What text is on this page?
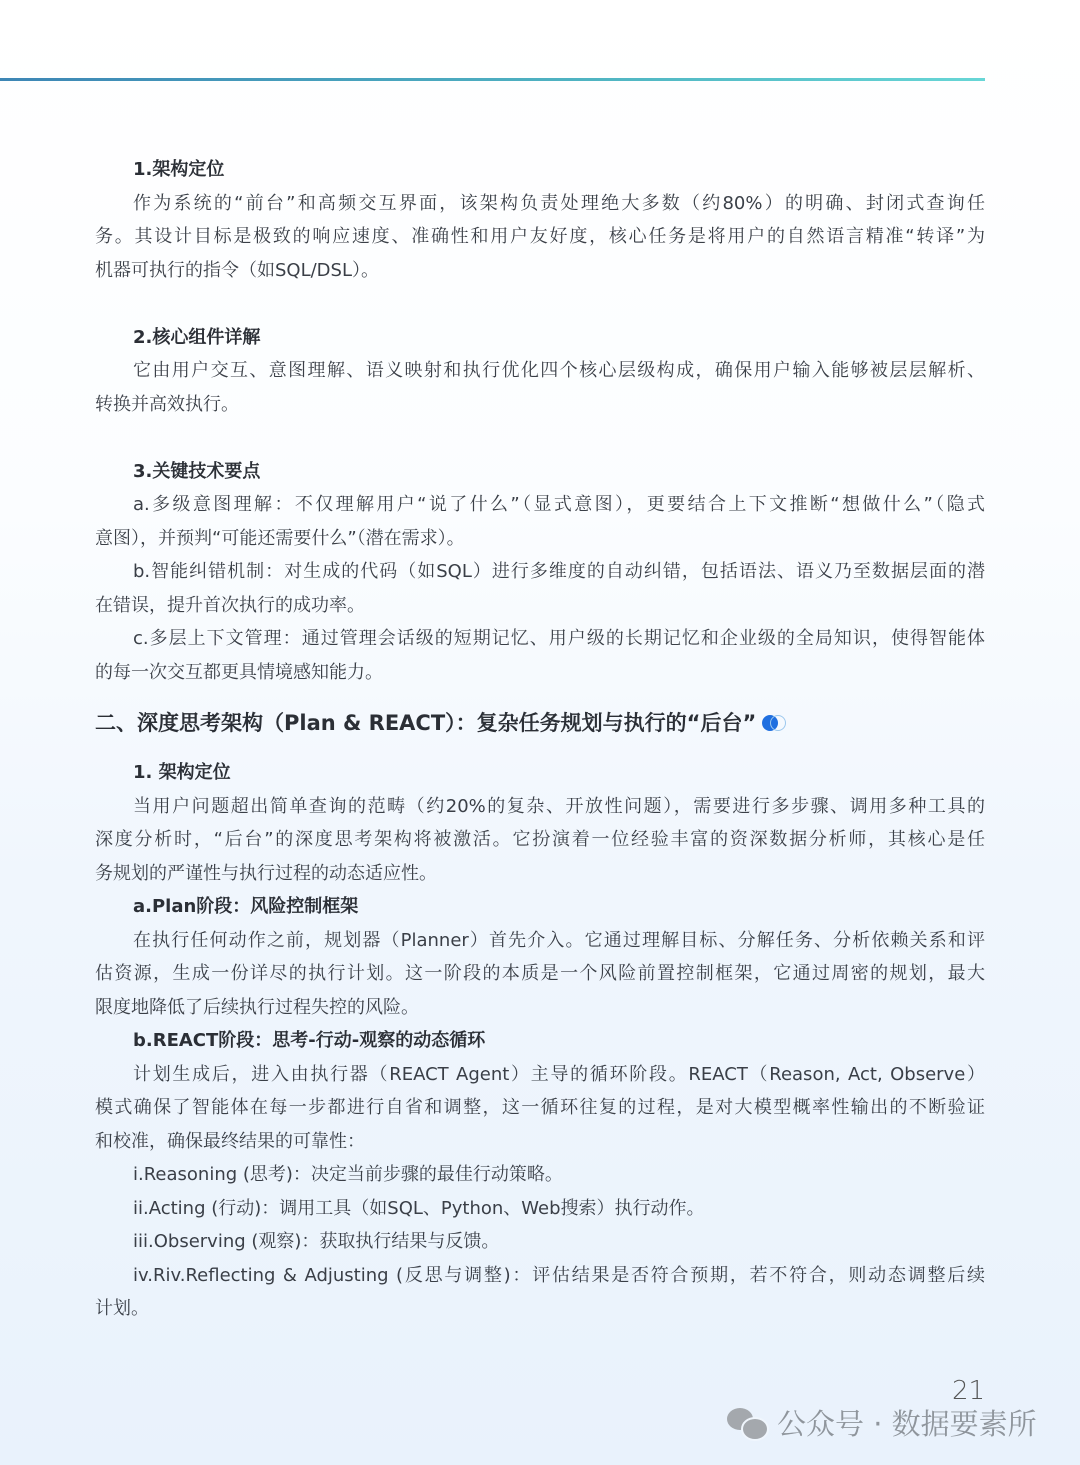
1.架构定位
作为系统的“前台”和高频交互界面，该架构负责处理绝大多数（约80%）的明确、封闭式查询任
务。其设计目标是极致的响应速度、准确性和用户友好度，核心任务是将用户的自然语言精准“转译”为
机器可执行的指令（如SQL/DSL）。
2.核心组件详解
它由用户交互、意图理解、语义映射和执行优化四个核心层级构成，确保用户输入能够被层层解析、
转换并高效执行。
3.关键技术要点
a.多级意图理解：不仅理解用户“说了什么”（显式意图），更要结合上下文推断“想做什么”（隐式
意图），并预判“可能还需要什么”（潜在需求）。
b.智能纠错机制：对生成的代码（如SQL）进行多维度的自动纠错，包括语法、语义乃至数据层面的潜
在错误，提升首次执行的成功率。
c.多层上下文管理：通过管理会话级的短期记忆、用户级的长期记忆和企业级的全局知识，使得智能体
的每一次交互都更具情境感知能力。
二、深度思考架构（Plan & REACT）：复杂任务规划与执行的“后台”
1. 架构定位
当用户问题超出简单查询的范畴（约20%的复杂、开放性问题），需要进行多步骤、调用多种工具的
深度分析时，“后台”的深度思考架构将被激活。它扮演着一位经验丰富的资深数据分析师，其核心是任
务规划的严谨性与执行过程的动态适应性。
a.Plan阶段：风险控制框架
在执行任何动作之前，规划器（Planner）首先介入。它通过理解目标、分解任务、分析依赖关系和评
估资源，生成一份详尽的执行计划。这一阶段的本质是一个风险前置控制框架，它通过周密的规划，最大
限度地降低了后续执行过程失控的风险。
b.REACT阶段：思考-行动-观察的动态循环
计划生成后，进入由执行器（REACT Agent）主导的循环阶段。REACT（Reason, Act, Observe）
模式确保了智能体在每一步都进行自省和调整，这一循环往复的过程，是对大模型概率性输出的不断验证
和校准，确保最终结果的可靠性：
i.Reasoning (思考)：决定当前步骤的最佳行动策略。
ii.Acting (行动)：调用工具（如SQL、Python、Web搜索）执行动作。
iii.Observing (观察)：获取执行结果与反馈。
iv.Riv.Reflecting & Adjusting (反思与调整)：评估结果是否符合预期，若不符合，则动态调整后续
计划。
21
公众号 · 数据要素所
